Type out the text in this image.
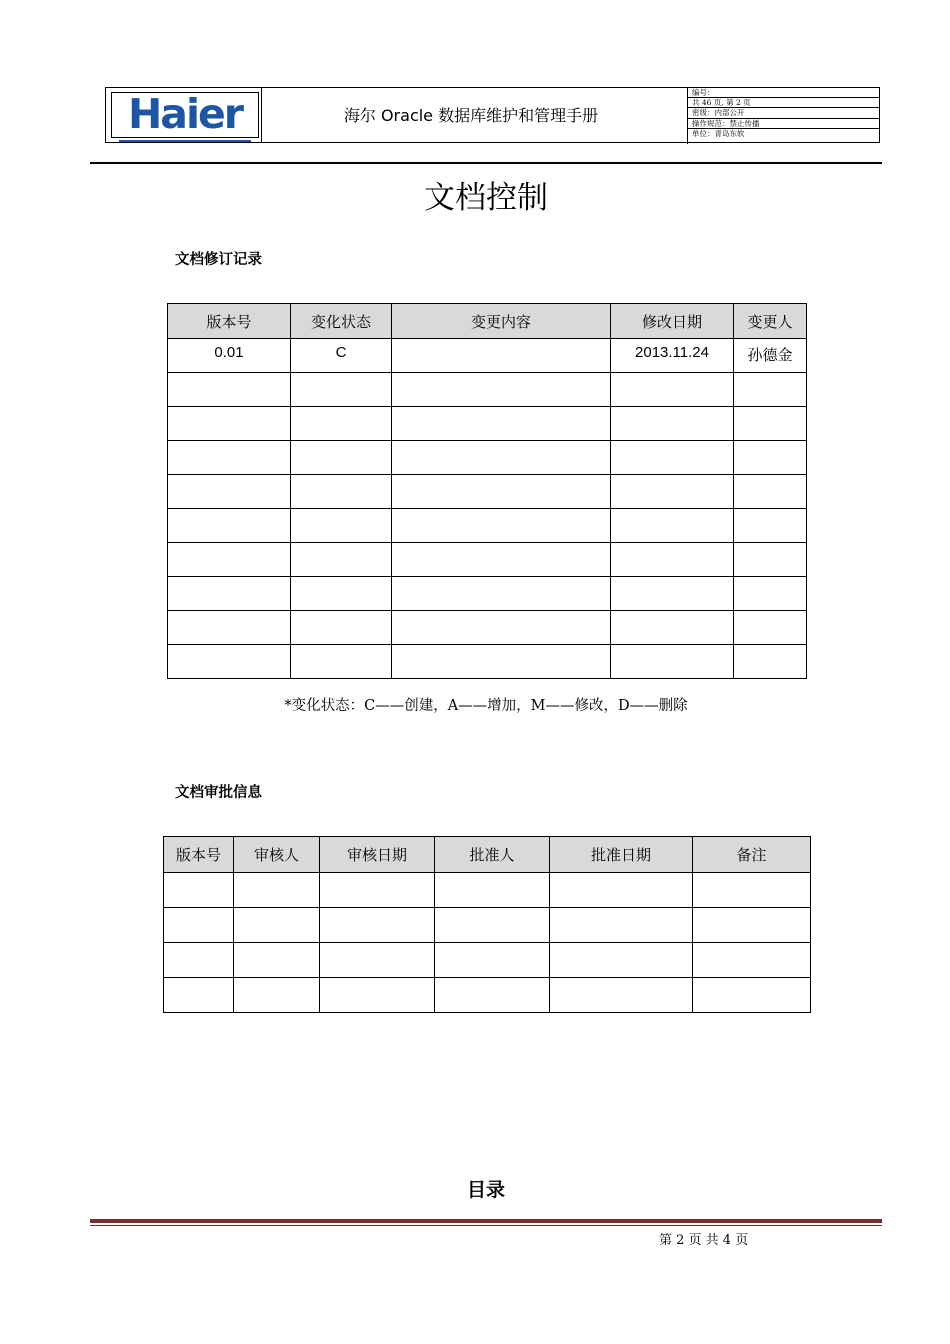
Haier	海尔 Oracle 数据库维护和管理手册
编号：
共 46 页, 第 2 页
密级：内部公开
操作规范：禁止传播
单位：青岛东软
文档控制
文档修订记录
版本号	变化状态	变更内容	修改日期	变更人
0.01	C		2013.11.24	孙德金

*变化状态：C——创建，A——增加，M——修改，D——删除
文档审批信息
版本号	审核人	审核日期	批准人	批准日期	备注

目录
第 2 页 共 4 页
